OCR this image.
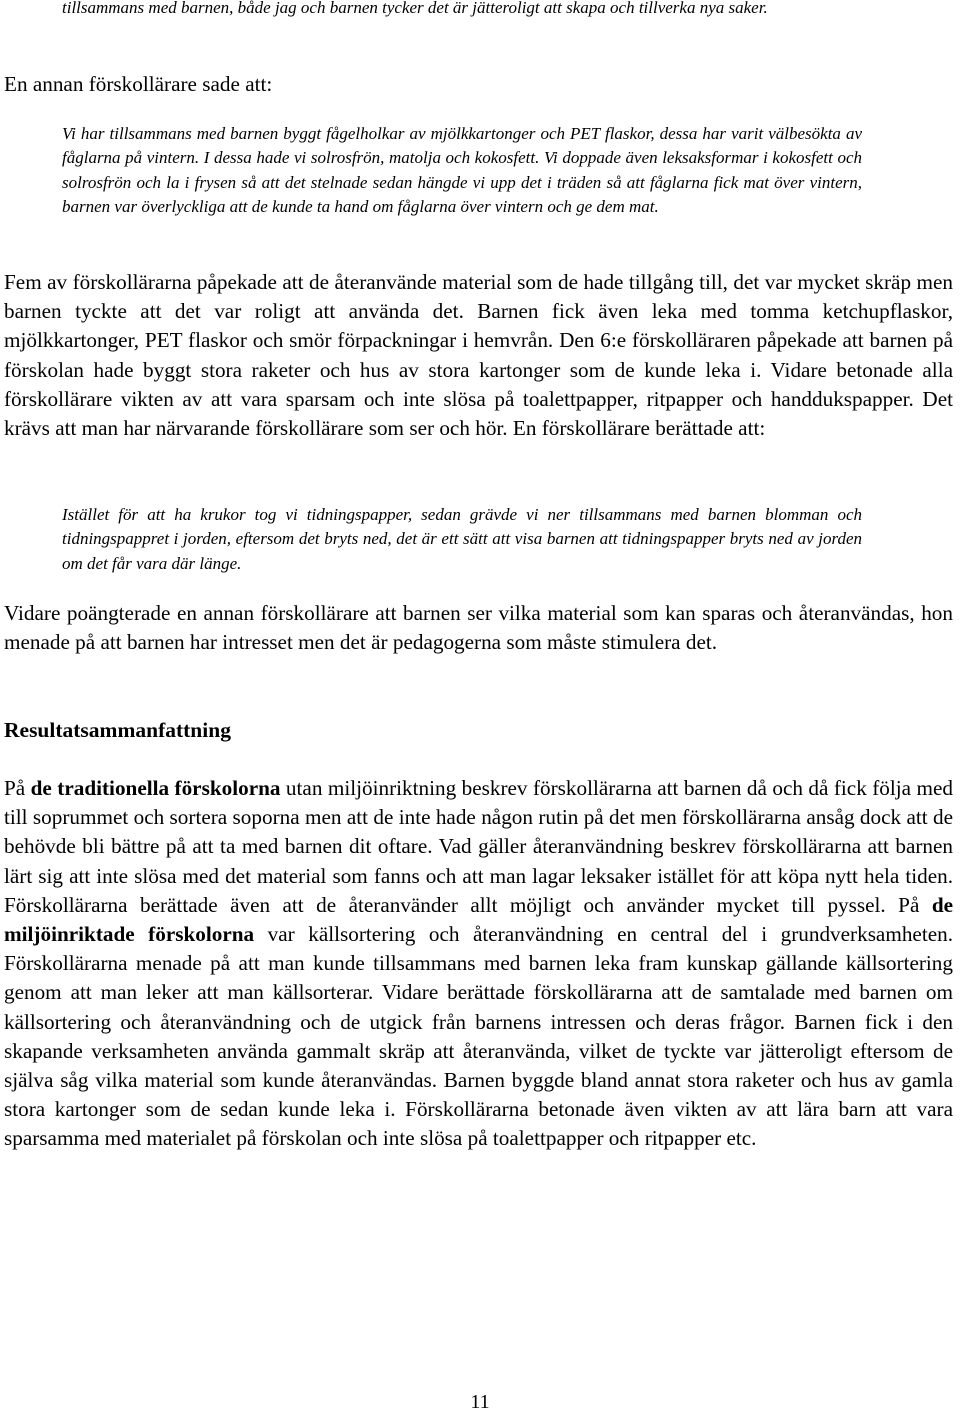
tillsammans med barnen, både jag och barnen tycker det är jätteroligt att skapa och tillverka nya saker.

En annan förskollärare sade att:

Vi har tillsammans med barnen byggt fågelholkar av mjölkkartonger och PET flaskor, dessa har varit välbesökta av fåglarna på vintern. I dessa hade vi solrosfrön, matolja och kokosfett. Vi doppade även leksaksformar i kokosfett och solrosfrön och la i frysen så att det stelnade sedan hängde vi upp det i träden så att fåglarna fick mat över vintern, barnen var överlyckliga att de kunde ta hand om fåglarna över vintern och ge dem mat.

Fem av förskollärarna påpekade att de återanvände material som de hade tillgång till, det var mycket skräp men barnen tyckte att det var roligt att använda det. Barnen fick även leka med tomma ketchupflaskor, mjölkkartonger, PET flaskor och smör förpackningar i hemvrån. Den 6:e förskolläraren påpekade att barnen på förskolan hade byggt stora raketer och hus av stora kartonger som de kunde leka i. Vidare betonade alla förskollärare vikten av att vara sparsam och inte slösa på toalettpapper, ritpapper och handdukspapper. Det krävs att man har närvarande förskollärare som ser och hör. En förskollärare berättade att:

Istället för att ha krukor tog vi tidningspapper, sedan grävde vi ner tillsammans med barnen blomman och tidningspappret i jorden, eftersom det bryts ned, det är ett sätt att visa barnen att tidningspapper bryts ned av jorden om det får vara där länge.

Vidare poängterade en annan förskollärare att barnen ser vilka material som kan sparas och återanvändas, hon menade på att barnen har intresset men det är pedagogerna som måste stimulera det.

Resultatsammanfattning

På de traditionella förskolorna utan miljöinriktning beskrev förskollärarna att barnen då och då fick följa med till soprummet och sortera soporna men att de inte hade någon rutin på det men förskollärarna ansåg dock att de behövde bli bättre på att ta med barnen dit oftare. Vad gäller återanvändning beskrev förskollärarna att barnen lärt sig att inte slösa med det material som fanns och att man lagar leksaker istället för att köpa nytt hela tiden. Förskollärarna berättade även att de återanvänder allt möjligt och använder mycket till pyssel. På de miljöinriktade förskolorna var källsortering och återanvändning en central del i grundverksamheten. Förskollärarna menade på att man kunde tillsammans med barnen leka fram kunskap gällande källsortering genom att man leker att man källsorterar. Vidare berättade förskollärarna att de samtalade med barnen om källsortering och återanvändning och de utgick från barnens intressen och deras frågor. Barnen fick i den skapande verksamheten använda gammalt skräp att återanvända, vilket de tyckte var jätteroligt eftersom de själva såg vilka material som kunde återanvändas. Barnen byggde bland annat stora raketer och hus av gamla stora kartonger som de sedan kunde leka i. Förskollärarna betonade även vikten av att lära barn att vara sparsamma med materialet på förskolan och inte slösa på toalettpapper och ritpapper etc.

11
